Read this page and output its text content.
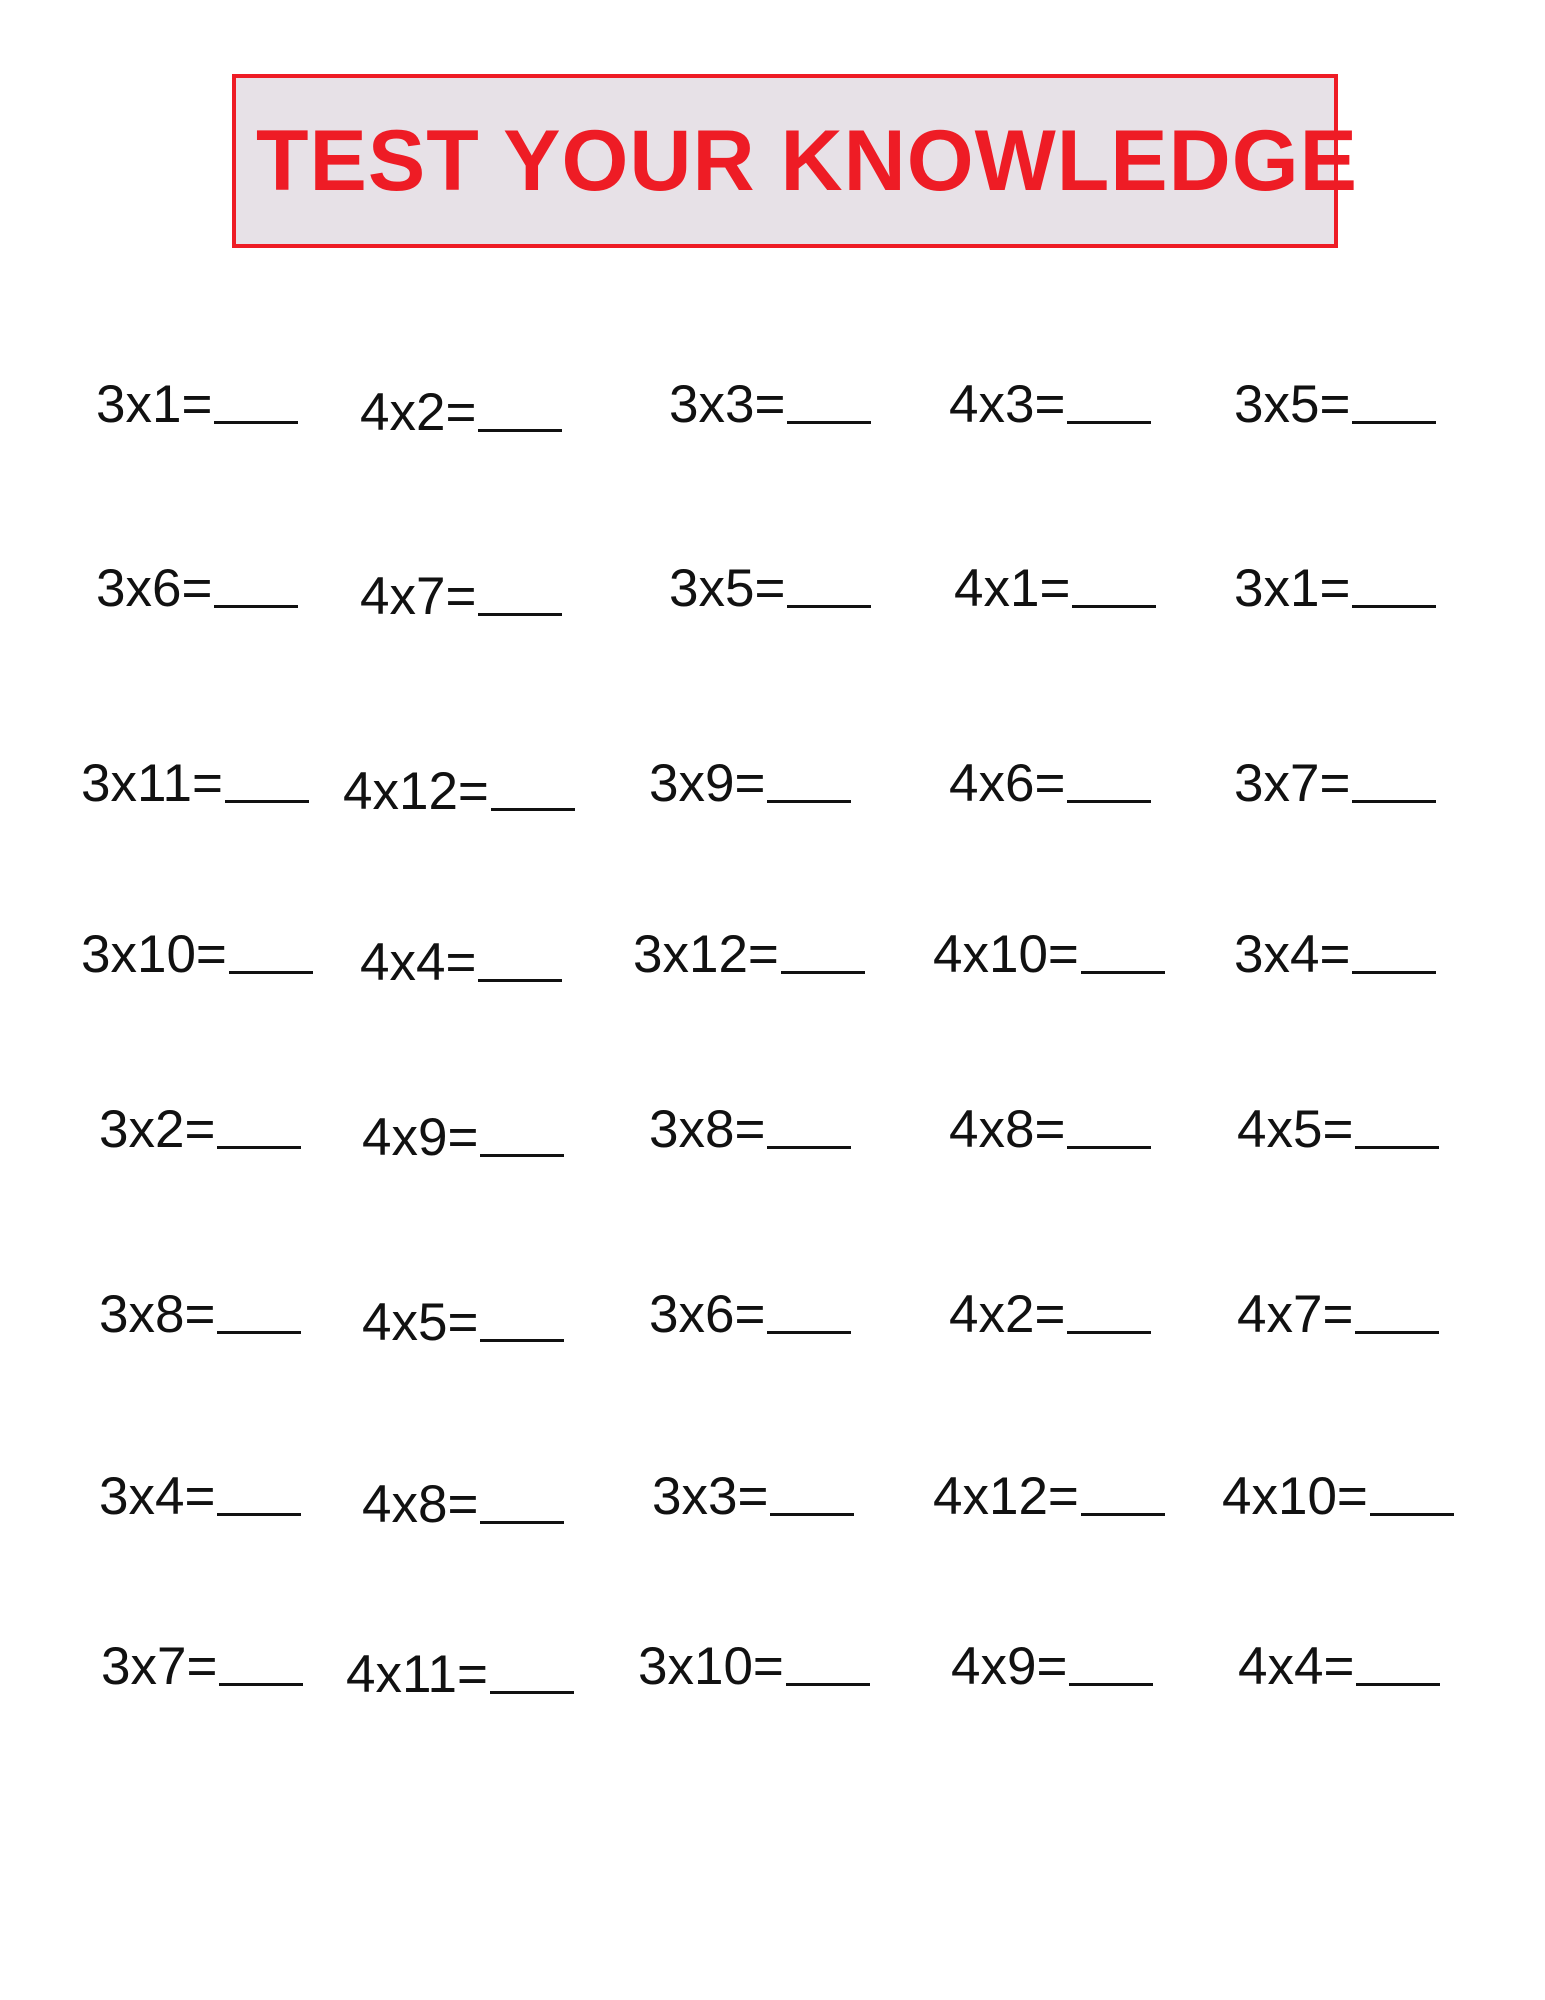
TEST YOUR KNOWLEDGE
3x1=	4x2=	3x3=	4x3=	3x5=
3x6=	4x7=	3x5=	4x1=	3x1=
3x11= 4x12=	3x9=	4x6=	3x7=
3x10=	4x4=	3x12=	4x10=	3x4=
3x2=	4x9=	3x8=	4x8=	4x5=
3x8=	4x5=	3x6=	4x2=	4x7=
3x4=	4x8=	3x3=	4x12=	4x10=
3x7= 4x11=	3x10=	4x9=	4x4=
